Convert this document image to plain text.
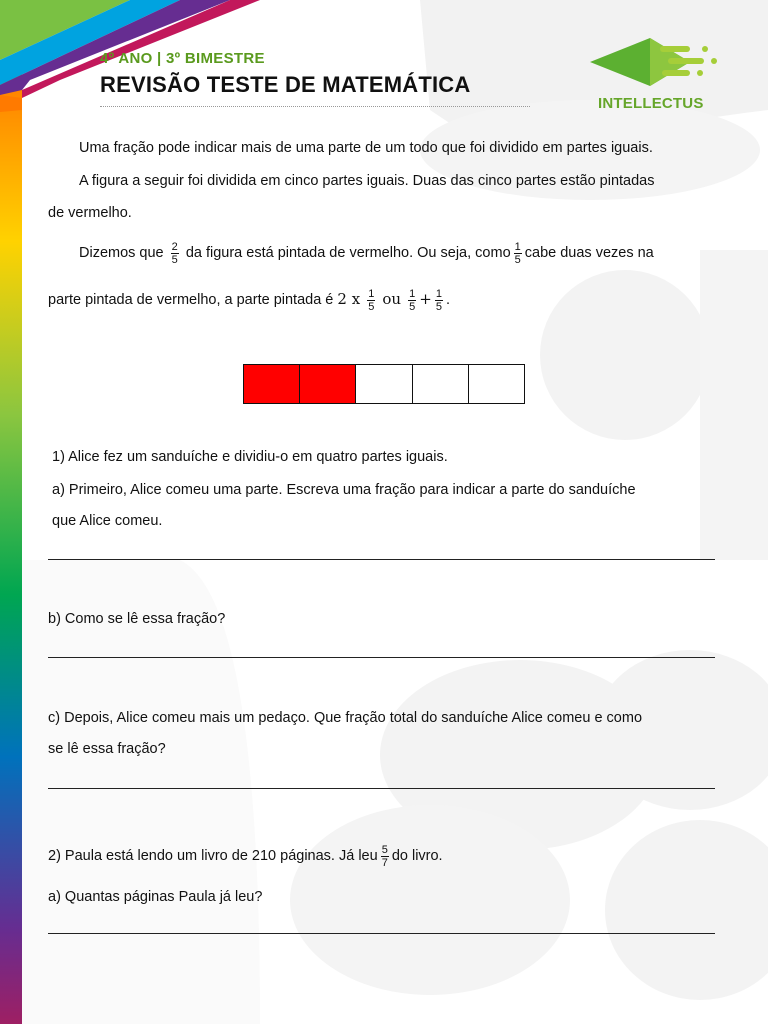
4º ANO | 3º BIMESTRE
REVISÃO TESTE DE MATEMÁTICA
INTELLECTUS
Uma fração pode indicar mais de uma parte de um todo que foi dividido em partes iguais.
A figura a seguir foi dividida em cinco partes iguais. Duas das cinco partes estão pintadas
de vermelho.
Dizemos que $\frac{2}{5}$ da figura está pintada de vermelho. Ou seja, como $\frac{1}{5}$ cabe duas vezes na
parte pintada de vermelho, a parte pintada é 2 x $\frac{1}{5}$ ou $\frac{1}{5} + \frac{1}{5}$ .
1) Alice fez um sanduíche e dividiu-o em quatro partes iguais.
a) Primeiro, Alice comeu uma parte. Escreva uma fração para indicar a parte do sanduíche
que Alice comeu.
b) Como se lê essa fração?
c) Depois, Alice comeu mais um pedaço. Que fração total do sanduíche Alice comeu e como
se lê essa fração?
2) Paula está lendo um livro de 210 páginas. Já leu $\frac{5}{7}$ do livro.
a) Quantas páginas Paula já leu?
